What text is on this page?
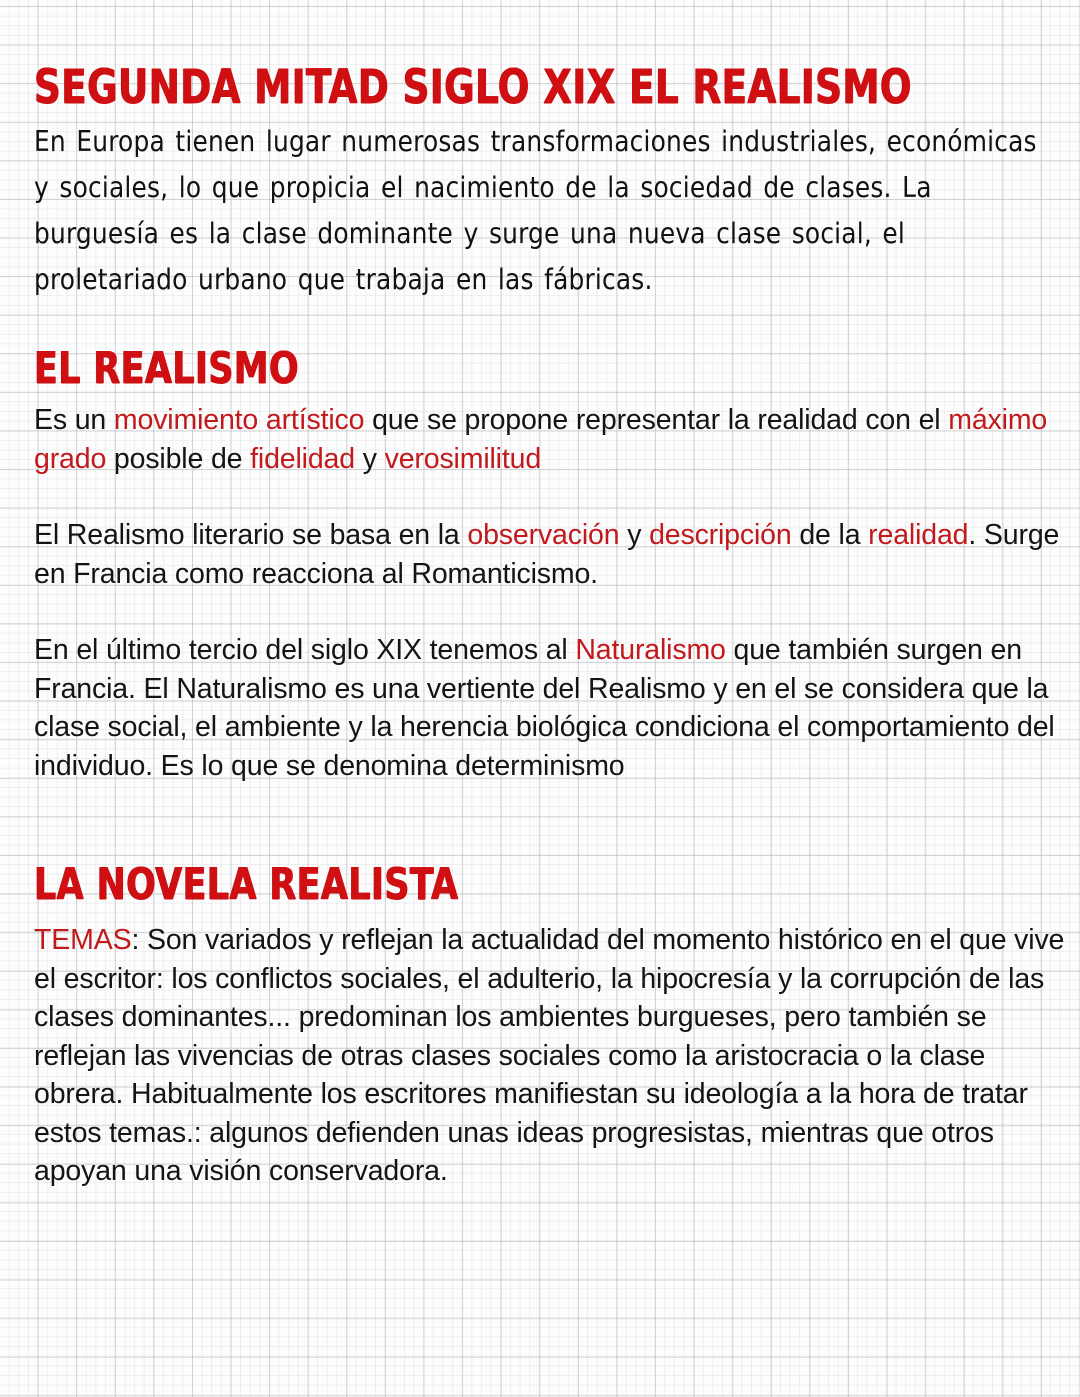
SEGUNDA MITAD SIGLO XIX EL REALISMO

En Europa tienen lugar numerosas transformaciones industriales, económicas y sociales, lo que propicia el nacimiento de la sociedad de clases. La burguesía es la clase dominante y surge una nueva clase social, el proletariado urbano que trabaja en las fábricas.

EL REALISMO

Es un movimiento artístico que se propone representar la realidad con el máximo grado posible de fidelidad y verosimilitud

El Realismo literario se basa en la observación y descripción de la realidad. Surge en Francia como reacciona al Romanticismo.

En el último tercio del siglo XIX tenemos al Naturalismo que también surgen en Francia. El Naturalismo es una vertiente del Realismo y en el se considera que la clase social, el ambiente y la herencia biológica condiciona el comportamiento del individuo. Es lo que se denomina determinismo

LA NOVELA REALISTA

TEMAS: Son variados y reflejan la actualidad del momento histórico en el que vive el escritor: los conflictos sociales, el adulterio, la hipocresía y la corrupción de las clases dominantes... predominan los ambientes burgueses, pero también se reflejan las vivencias de otras clases sociales como la aristocracia o la clase obrera. Habitualmente los escritores manifiestan su ideología a la hora de tratar estos temas.: algunos defienden unas ideas progresistas, mientras que otros apoyan una visión conservadora.
